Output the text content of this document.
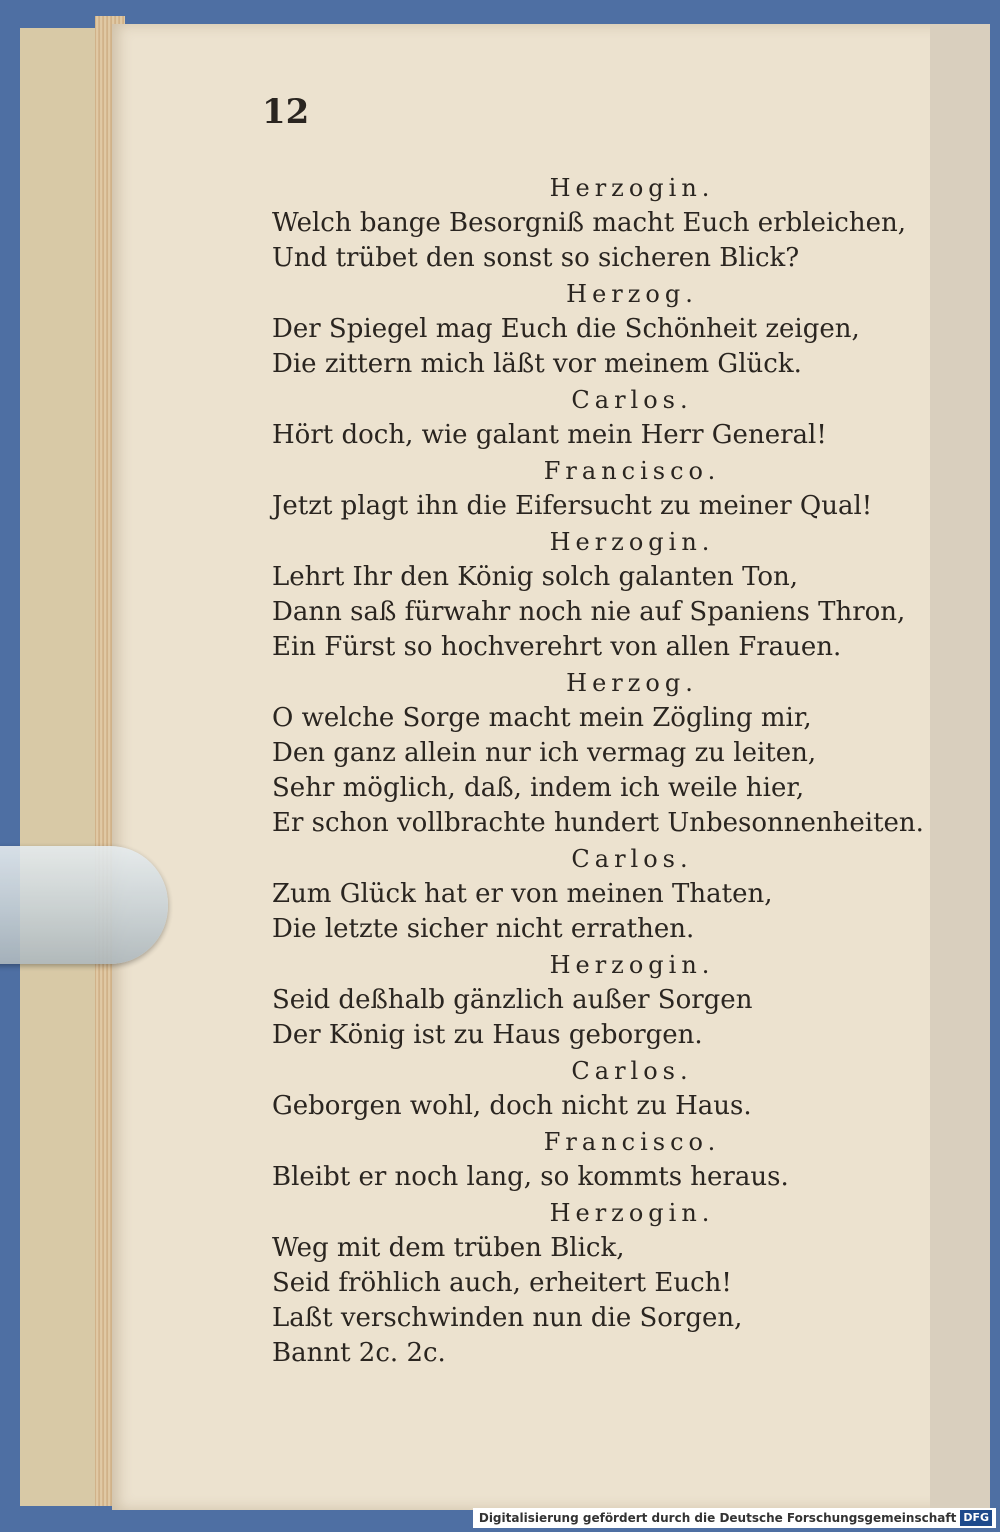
12
Herzogin.
Welch bange Besorgniß macht Euch erbleichen,
Und trübet den sonst so sicheren Blick?
Herzog.
Der Spiegel mag Euch die Schönheit zeigen,
Die zittern mich läßt vor meinem Glück.
Carlos.
Hört doch, wie galant mein Herr General!
Francisco.
Jetzt plagt ihn die Eifersucht zu meiner Qual!
Herzogin.
Lehrt Ihr den König solch galanten Ton,
Dann saß fürwahr noch nie auf Spaniens Thron,
Ein Fürst so hochverehrt von allen Frauen.
Herzog.
O welche Sorge macht mein Zögling mir,
Den ganz allein nur ich vermag zu leiten,
Sehr möglich, daß, indem ich weile hier,
Er schon vollbrachte hundert Unbesonnenheiten.
Carlos.
Zum Glück hat er von meinen Thaten,
Die letzte sicher nicht errathen.
Herzogin.
Seid deßhalb gänzlich außer Sorgen
Der König ist zu Haus geborgen.
Carlos.
Geborgen wohl, doch nicht zu Haus.
Francisco.
Bleibt er noch lang, so kommts heraus.
Herzogin.
Weg mit dem trüben Blick,
Seid fröhlich auch, erheitert Euch!
Laßt verschwinden nun die Sorgen,
Bannt 2c. 2c.
Digitalisierung gefördert durch die Deutsche Forschungsgemeinschaft DFG
